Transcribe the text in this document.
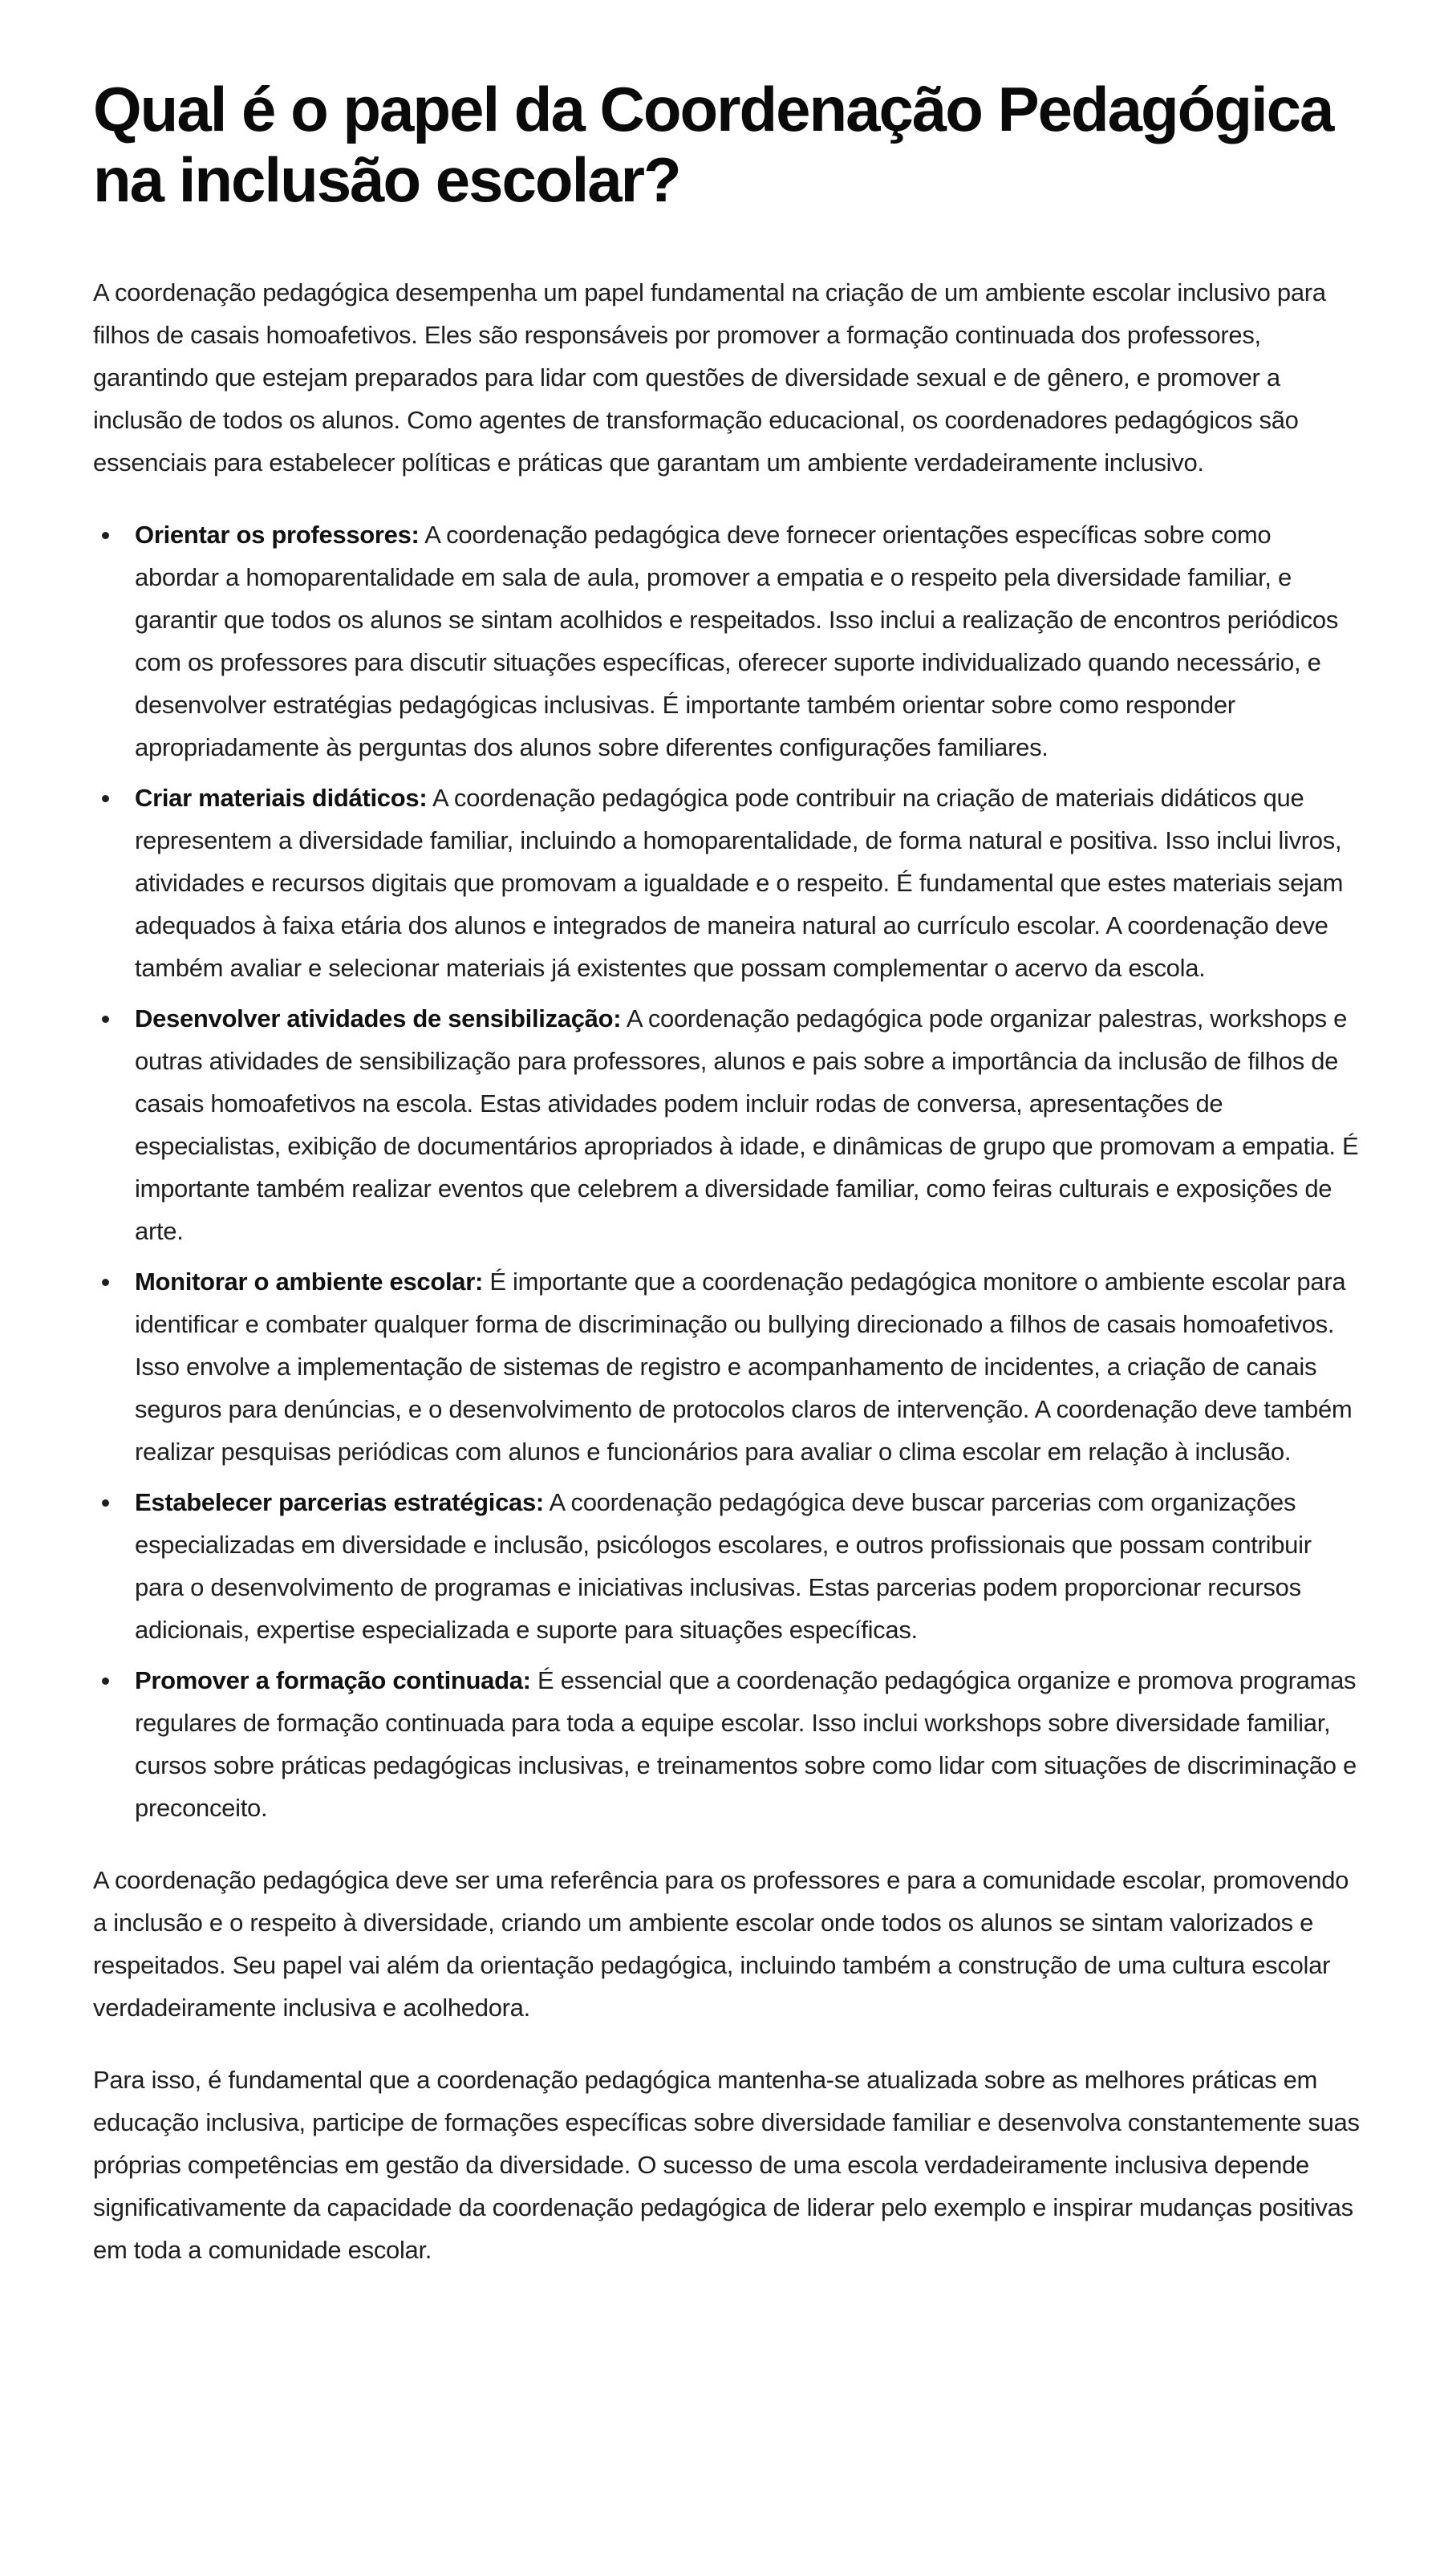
Qual é o papel da Coordenação Pedagógica na inclusão escolar?

A coordenação pedagógica desempenha um papel fundamental na criação de um ambiente escolar inclusivo para filhos de casais homoafetivos. Eles são responsáveis por promover a formação continuada dos professores, garantindo que estejam preparados para lidar com questões de diversidade sexual e de gênero, e promover a inclusão de todos os alunos. Como agentes de transformação educacional, os coordenadores pedagógicos são essenciais para estabelecer políticas e práticas que garantam um ambiente verdadeiramente inclusivo.

Orientar os professores: A coordenação pedagógica deve fornecer orientações específicas sobre como abordar a homoparentalidade em sala de aula, promover a empatia e o respeito pela diversidade familiar, e garantir que todos os alunos se sintam acolhidos e respeitados. Isso inclui a realização de encontros periódicos com os professores para discutir situações específicas, oferecer suporte individualizado quando necessário, e desenvolver estratégias pedagógicas inclusivas. É importante também orientar sobre como responder apropriadamente às perguntas dos alunos sobre diferentes configurações familiares.
Criar materiais didáticos: A coordenação pedagógica pode contribuir na criação de materiais didáticos que representem a diversidade familiar, incluindo a homoparentalidade, de forma natural e positiva. Isso inclui livros, atividades e recursos digitais que promovam a igualdade e o respeito. É fundamental que estes materiais sejam adequados à faixa etária dos alunos e integrados de maneira natural ao currículo escolar. A coordenação deve também avaliar e selecionar materiais já existentes que possam complementar o acervo da escola.
Desenvolver atividades de sensibilização: A coordenação pedagógica pode organizar palestras, workshops e outras atividades de sensibilização para professores, alunos e pais sobre a importância da inclusão de filhos de casais homoafetivos na escola. Estas atividades podem incluir rodas de conversa, apresentações de especialistas, exibição de documentários apropriados à idade, e dinâmicas de grupo que promovam a empatia. É importante também realizar eventos que celebrem a diversidade familiar, como feiras culturais e exposições de arte.
Monitorar o ambiente escolar: É importante que a coordenação pedagógica monitore o ambiente escolar para identificar e combater qualquer forma de discriminação ou bullying direcionado a filhos de casais homoafetivos. Isso envolve a implementação de sistemas de registro e acompanhamento de incidentes, a criação de canais seguros para denúncias, e o desenvolvimento de protocolos claros de intervenção. A coordenação deve também realizar pesquisas periódicas com alunos e funcionários para avaliar o clima escolar em relação à inclusão.
Estabelecer parcerias estratégicas: A coordenação pedagógica deve buscar parcerias com organizações especializadas em diversidade e inclusão, psicólogos escolares, e outros profissionais que possam contribuir para o desenvolvimento de programas e iniciativas inclusivas. Estas parcerias podem proporcionar recursos adicionais, expertise especializada e suporte para situações específicas.
Promover a formação continuada: É essencial que a coordenação pedagógica organize e promova programas regulares de formação continuada para toda a equipe escolar. Isso inclui workshops sobre diversidade familiar, cursos sobre práticas pedagógicas inclusivas, e treinamentos sobre como lidar com situações de discriminação e preconceito.

A coordenação pedagógica deve ser uma referência para os professores e para a comunidade escolar, promovendo a inclusão e o respeito à diversidade, criando um ambiente escolar onde todos os alunos se sintam valorizados e respeitados. Seu papel vai além da orientação pedagógica, incluindo também a construção de uma cultura escolar verdadeiramente inclusiva e acolhedora.

Para isso, é fundamental que a coordenação pedagógica mantenha-se atualizada sobre as melhores práticas em educação inclusiva, participe de formações específicas sobre diversidade familiar e desenvolva constantemente suas próprias competências em gestão da diversidade. O sucesso de uma escola verdadeiramente inclusiva depende significativamente da capacidade da coordenação pedagógica de liderar pelo exemplo e inspirar mudanças positivas em toda a comunidade escolar.
